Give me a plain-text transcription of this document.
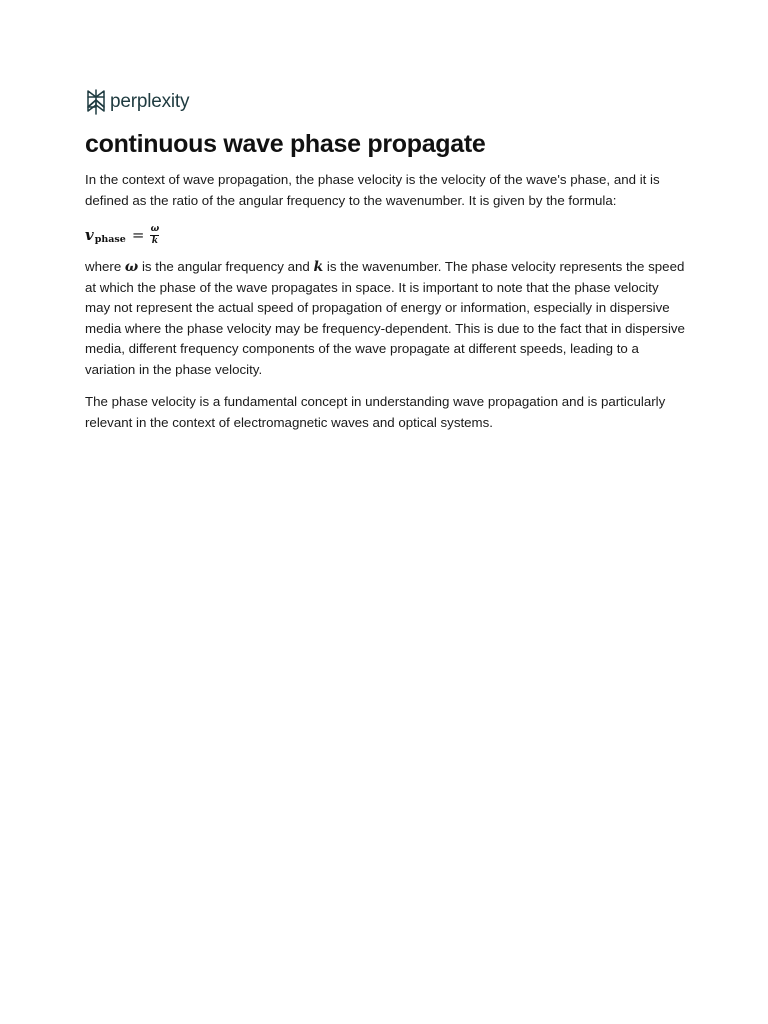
perplexity
continuous wave phase propagate

In the context of wave propagation, the phase velocity is the velocity of the wave's phase, and it is defined as the ratio of the angular frequency to the wavenumber. It is given by the formula:

v phase = $\frac{\omega}{k}$

where ω is the angular frequency and k is the wavenumber. The phase velocity represents the speed at which the phase of the wave propagates in space. It is important to note that the phase velocity may not represent the actual speed of propagation of energy or information, especially in dispersive media where the phase velocity may be frequency-dependent. This is due to the fact that in dispersive media, different frequency components of the wave propagate at different speeds, leading to a variation in the phase velocity.

The phase velocity is a fundamental concept in understanding wave propagation and is particularly relevant in the context of electromagnetic waves and optical systems.
